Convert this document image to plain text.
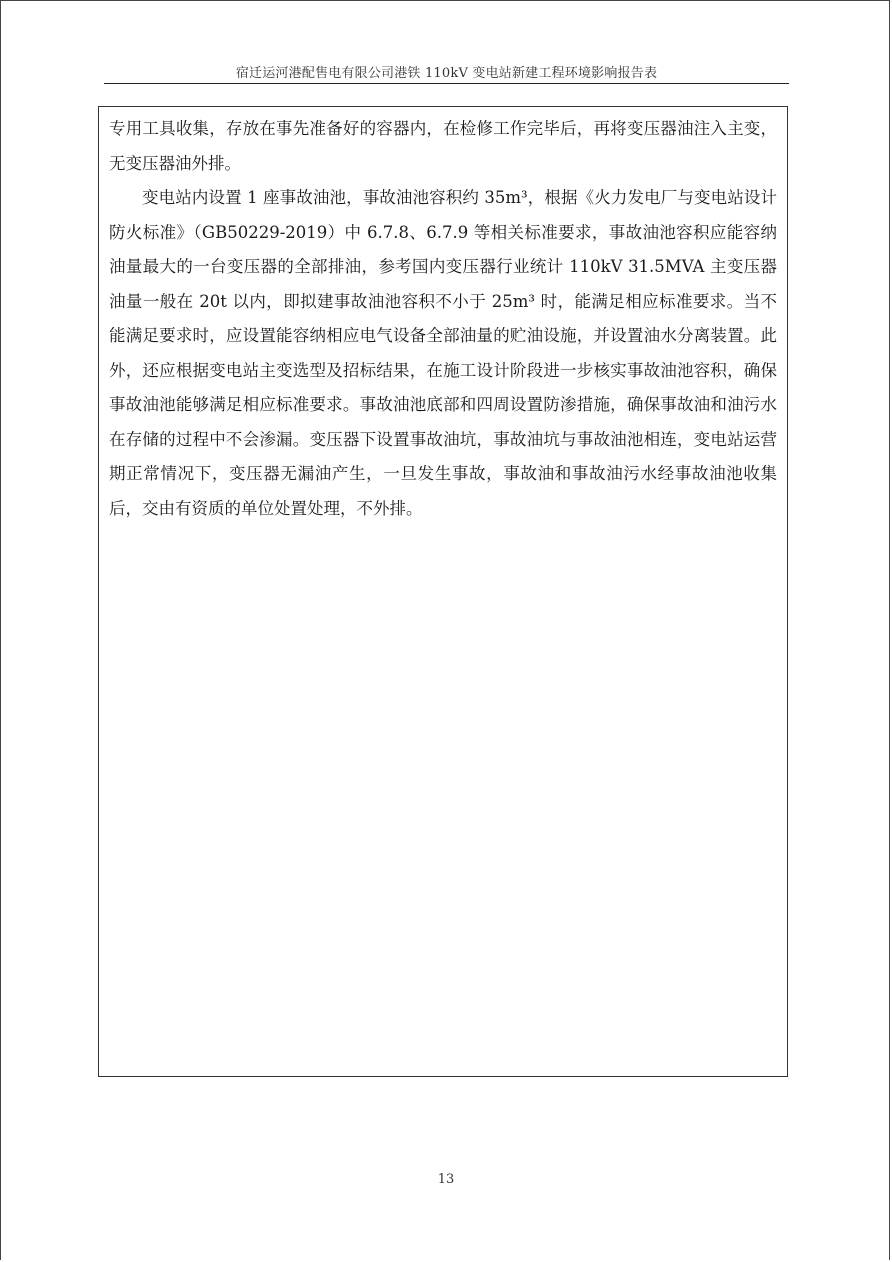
宿迁运河港配售电有限公司港铁 110kV 变电站新建工程环境影响报告表

专用工具收集，存放在事先准备好的容器内，在检修工作完毕后，再将变压器油注入主变，无变压器油外排。

变电站内设置 1 座事故油池，事故油池容积约 35m³，根据《火力发电厂与变电站设计防火标准》（GB50229-2019）中 6.7.8、6.7.9 等相关标准要求，事故油池容积应能容纳油量最大的一台变压器的全部排油，参考国内变压器行业统计 110kV 31.5MVA 主变压器油量一般在 20t 以内，即拟建事故油池容积不小于 25m³ 时，能满足相应标准要求。当不能满足要求时，应设置能容纳相应电气设备全部油量的贮油设施，并设置油水分离装置。此外，还应根据变电站主变选型及招标结果，在施工设计阶段进一步核实事故油池容积，确保事故油池能够满足相应标准要求。事故油池底部和四周设置防渗措施，确保事故油和油污水在存储的过程中不会渗漏。变压器下设置事故油坑，事故油坑与事故油池相连，变电站运营期正常情况下，变压器无漏油产生，一旦发生事故，事故油和事故油污水经事故油池收集后，交由有资质的单位处置处理，不外排。

13
